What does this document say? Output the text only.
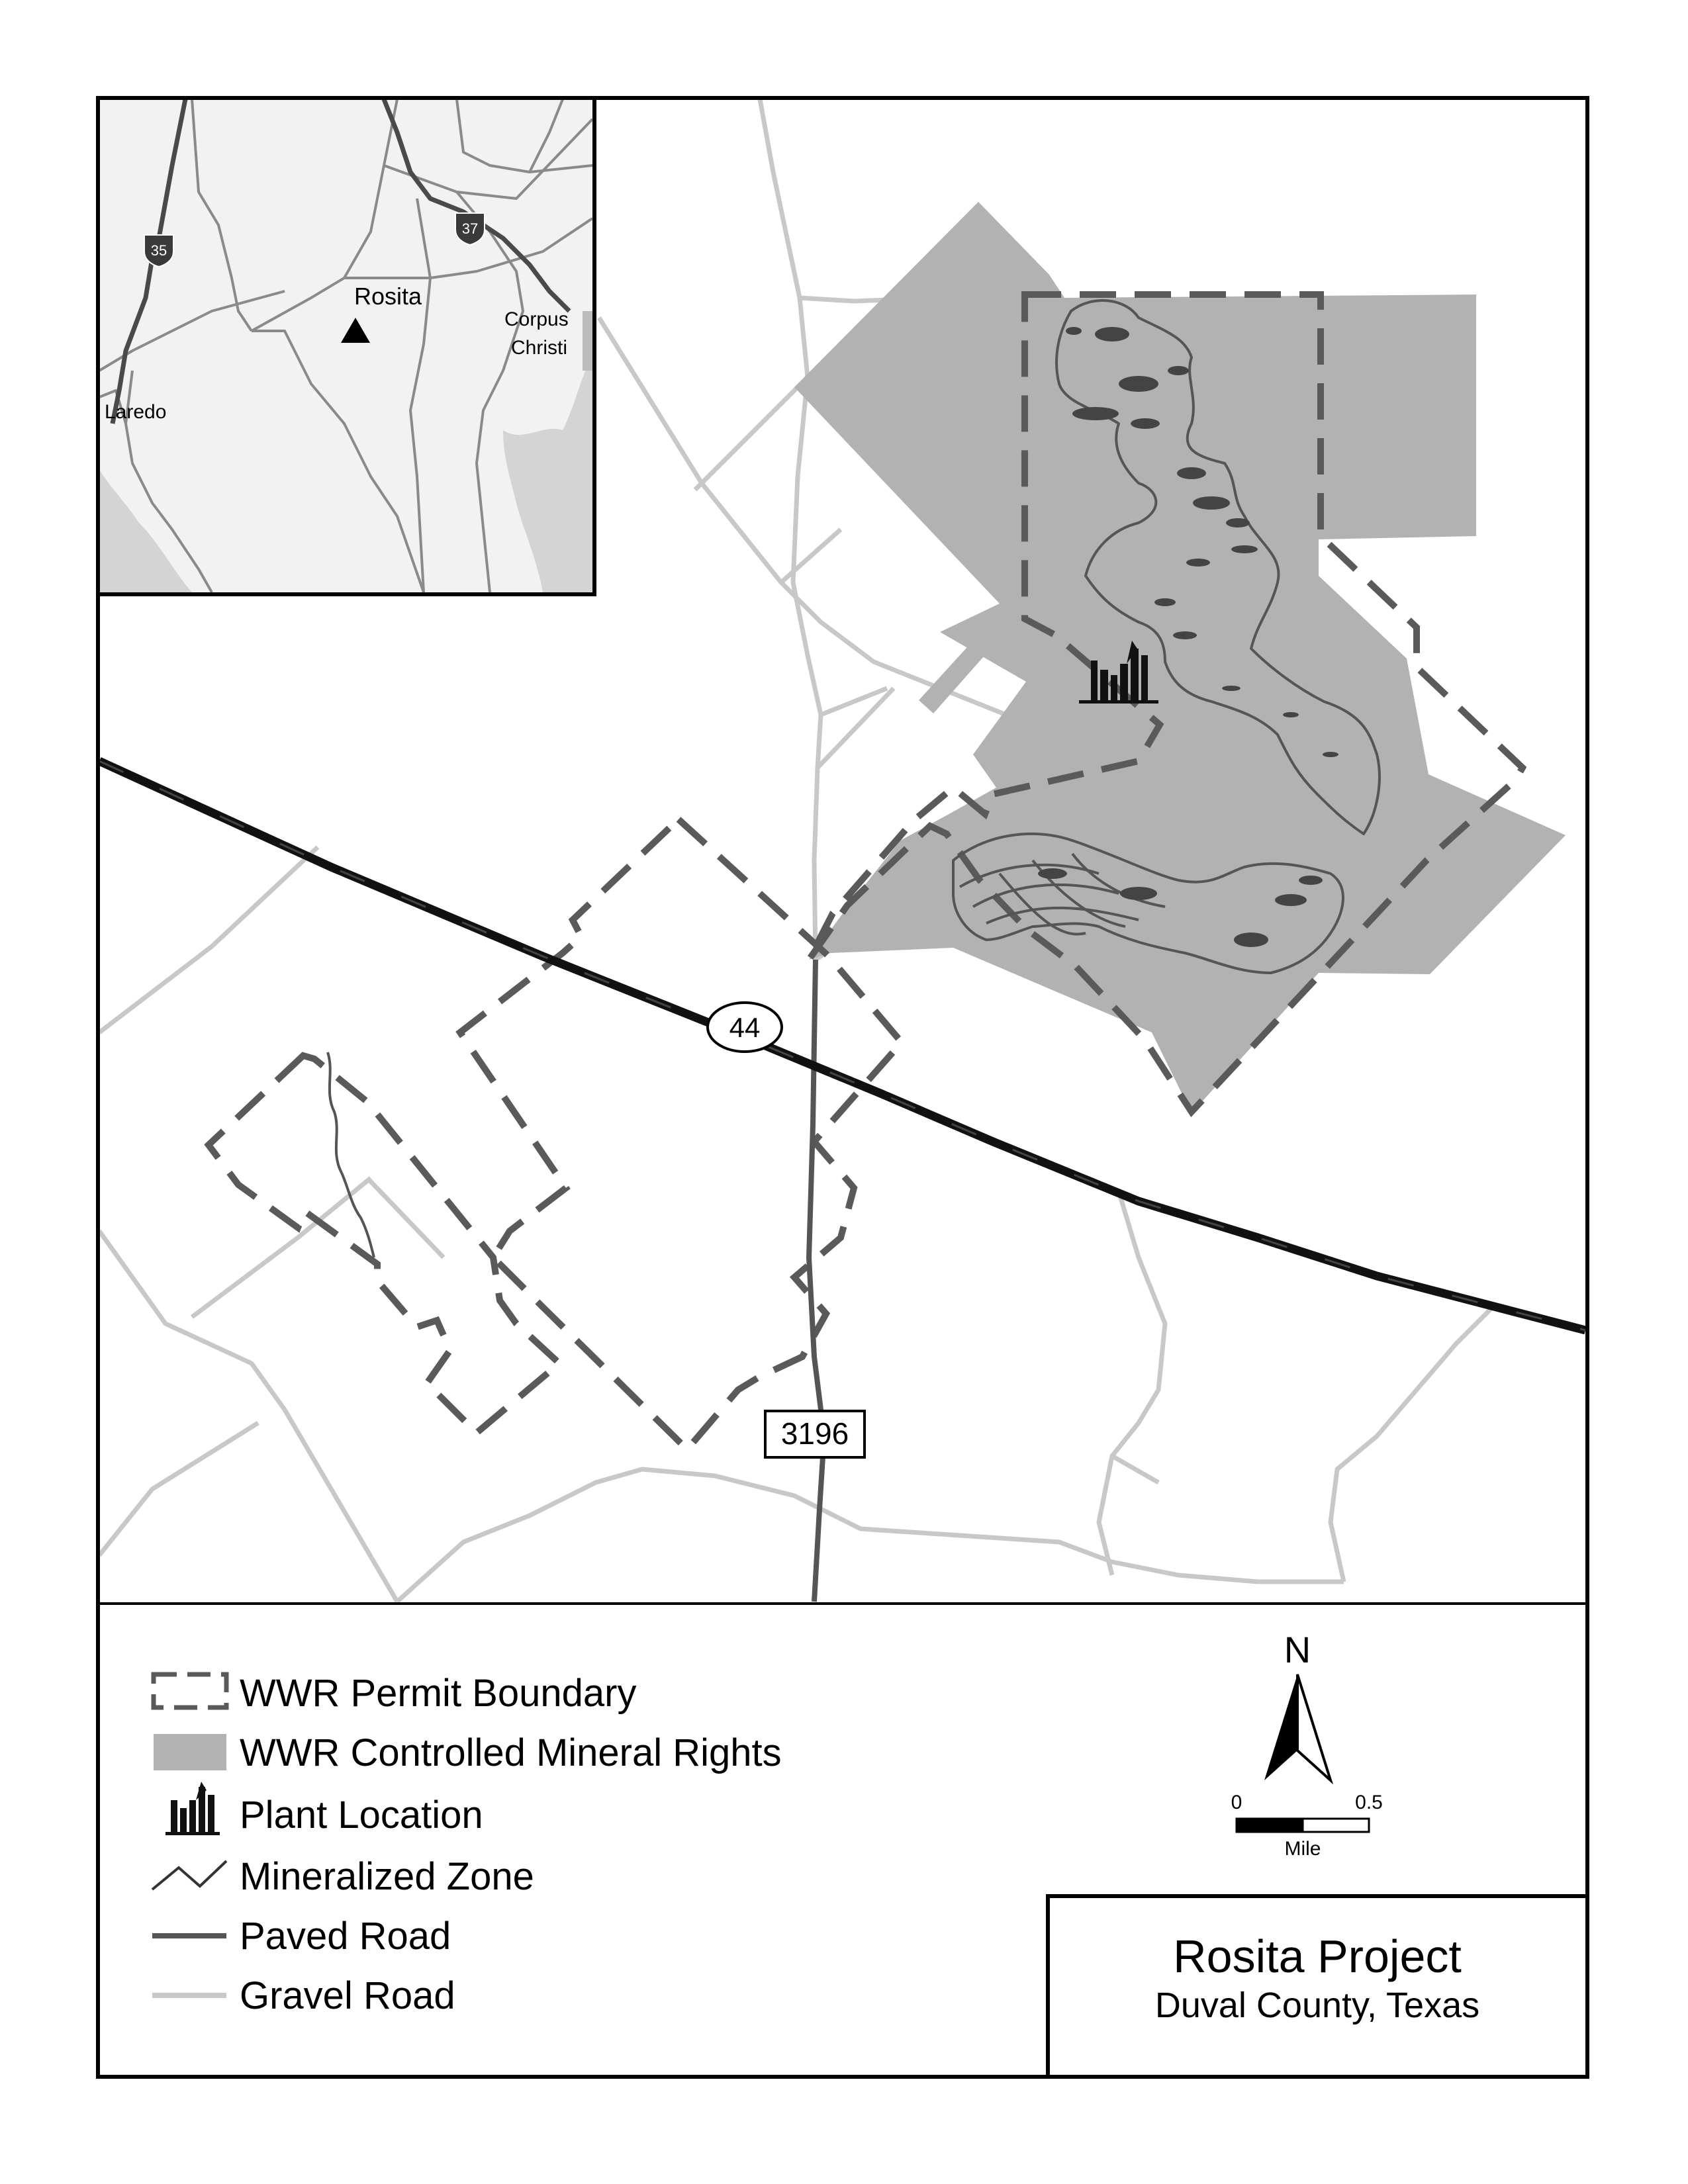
44
3196
35
37
Rosita
Corpus
Christi
Laredo
WWR Permit Boundary
WWR Controlled Mineral Rights
Plant Location
Mineralized Zone
Paved Road
Gravel Road
N
0	0.5
Mile
Rosita Project
Duval County, Texas
